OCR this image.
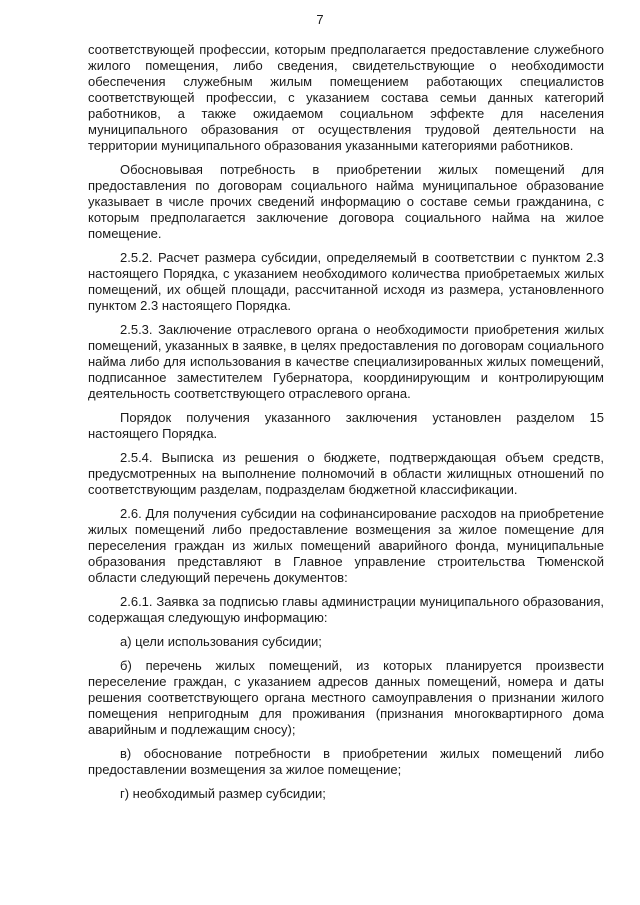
7

соответствующей профессии, которым предполагается предоставление служебного жилого помещения, либо сведения, свидетельствующие о необходимости обеспечения служебным жилым помещением работающих специалистов соответствующей профессии, с указанием состава семьи данных категорий работников, а также ожидаемом социальном эффекте для населения муниципального образования от осуществления трудовой деятельности на территории муниципального образования указанными категориями работников.

Обосновывая потребность в приобретении жилых помещений для предоставления по договорам социального найма муниципальное образование указывает в числе прочих сведений информацию о составе семьи гражданина, с которым предполагается заключение договора социального найма на жилое помещение.

2.5.2. Расчет размера субсидии, определяемый в соответствии с пунктом 2.3 настоящего Порядка, с указанием необходимого количества приобретаемых жилых помещений, их общей площади, рассчитанной исходя из размера, установленного пунктом 2.3 настоящего Порядка.

2.5.3. Заключение отраслевого органа о необходимости приобретения жилых помещений, указанных в заявке, в целях предоставления по договорам социального найма либо для использования в качестве специализированных жилых помещений, подписанное заместителем Губернатора, координирующим и контролирующим деятельность соответствующего отраслевого органа.

Порядок получения указанного заключения установлен разделом 15 настоящего Порядка.

2.5.4. Выписка из решения о бюджете, подтверждающая объем средств, предусмотренных на выполнение полномочий в области жилищных отношений по соответствующим разделам, подразделам бюджетной классификации.

2.6. Для получения субсидии на софинансирование расходов на приобретение жилых помещений либо предоставление возмещения за жилое помещение для переселения граждан из жилых помещений аварийного фонда, муниципальные образования представляют в Главное управление строительства Тюменской области следующий перечень документов:

2.6.1. Заявка за подписью главы администрации муниципального образования, содержащая следующую информацию:

а) цели использования субсидии;

б) перечень жилых помещений, из которых планируется произвести переселение граждан, с указанием адресов данных помещений, номера и даты решения соответствующего органа местного самоуправления о признании жилого помещения непригодным для проживания (признания многоквартирного дома аварийным и подлежащим сносу);

в) обоснование потребности в приобретении жилых помещений либо предоставлении возмещения за жилое помещение;

г) необходимый размер субсидии;
